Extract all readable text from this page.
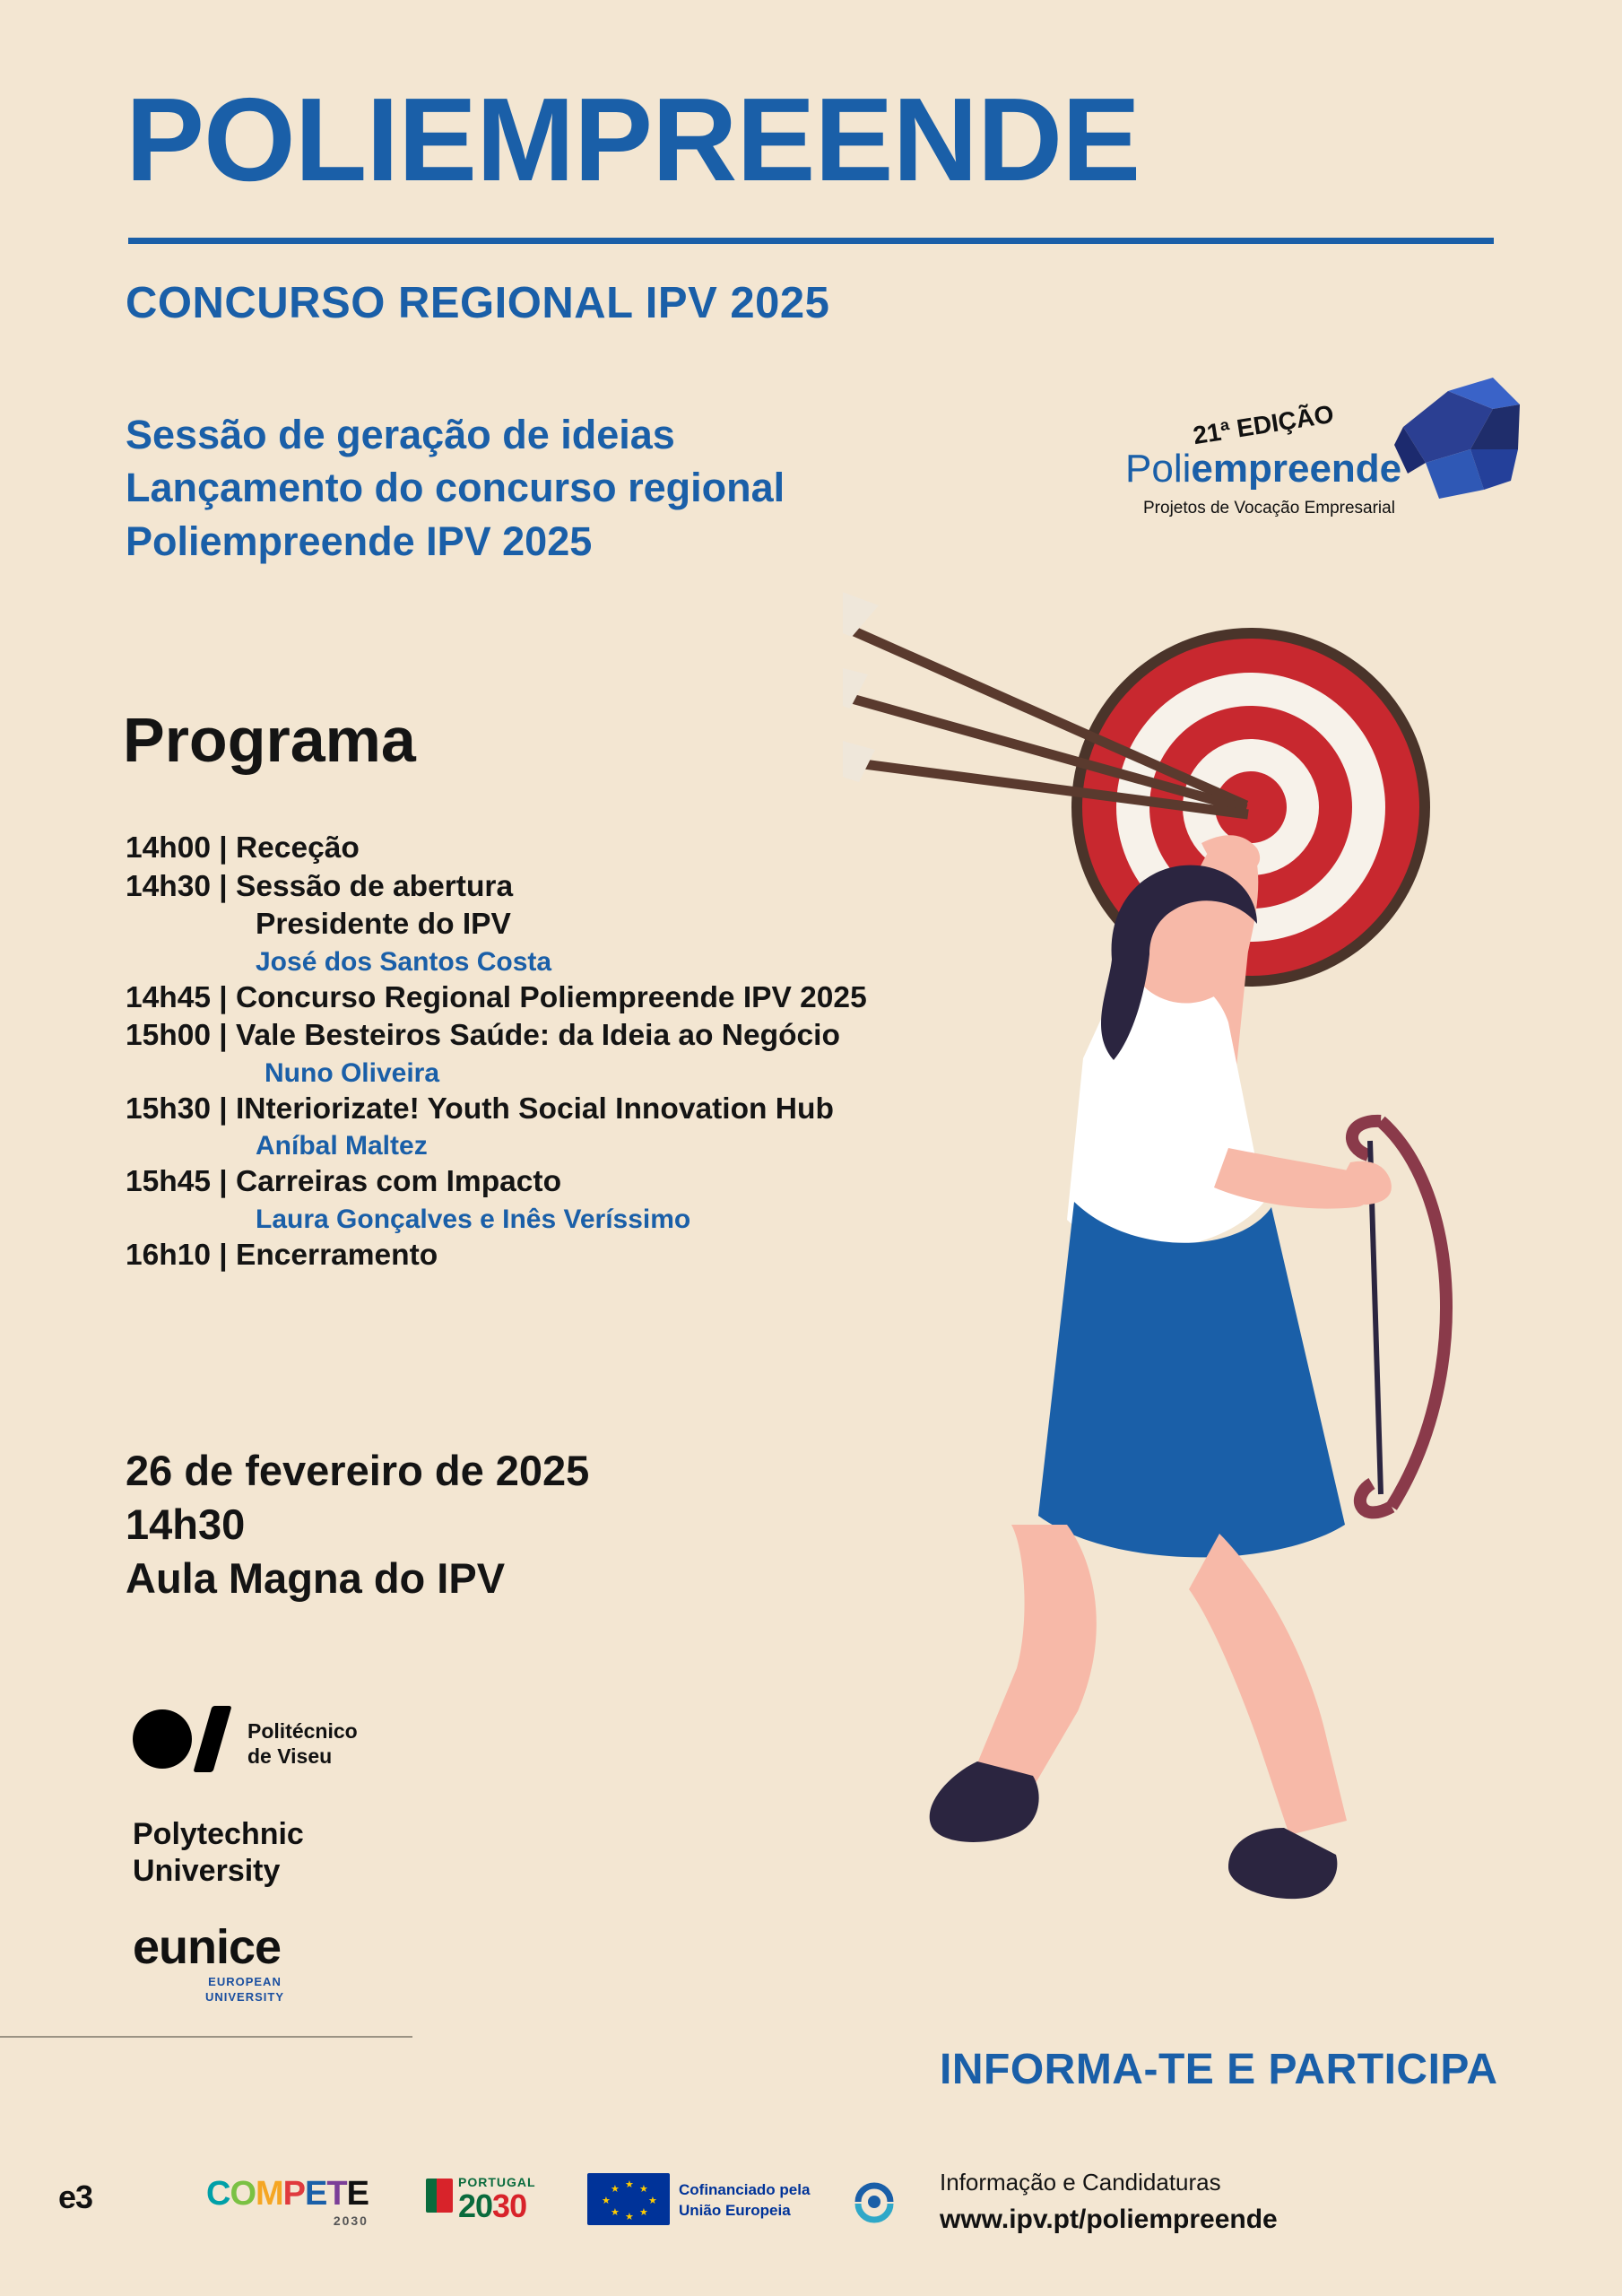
POLIEMPREENDE
CONCURSO REGIONAL IPV 2025
Sessão de geração de ideias
Lançamento do concurso regional
Poliempreende IPV 2025
21ª EDIÇÃO
Poliempreende
Projetos de Vocação Empresarial
Programa
14h00 | Receção
14h30 | Sessão de abertura
Presidente do IPV
José dos Santos Costa
14h45 | Concurso Regional Poliempreende IPV 2025
15h00 | Vale Besteiros Saúde: da Ideia ao Negócio
Nuno Oliveira
15h30 | INteriorizate! Youth Social Innovation Hub
Aníbal Maltez
15h45 | Carreiras com Impacto
Laura Gonçalves e Inês Veríssimo
16h10 | Encerramento
26 de fevereiro de 2025
14h30
Aula Magna do IPV
Politécnico
de Viseu
Polytechnic
University
eunice
EUROPEAN
UNIVERSITY
e3	COMPETE
2030
PORTUGAL
2030
★ ★
★
★
★
★
★
★	Cofinanciado pela
União Europeia
INFORMA-TE E PARTICIPA
Informação e Candidaturas
www.ipv.pt/poliempreende
